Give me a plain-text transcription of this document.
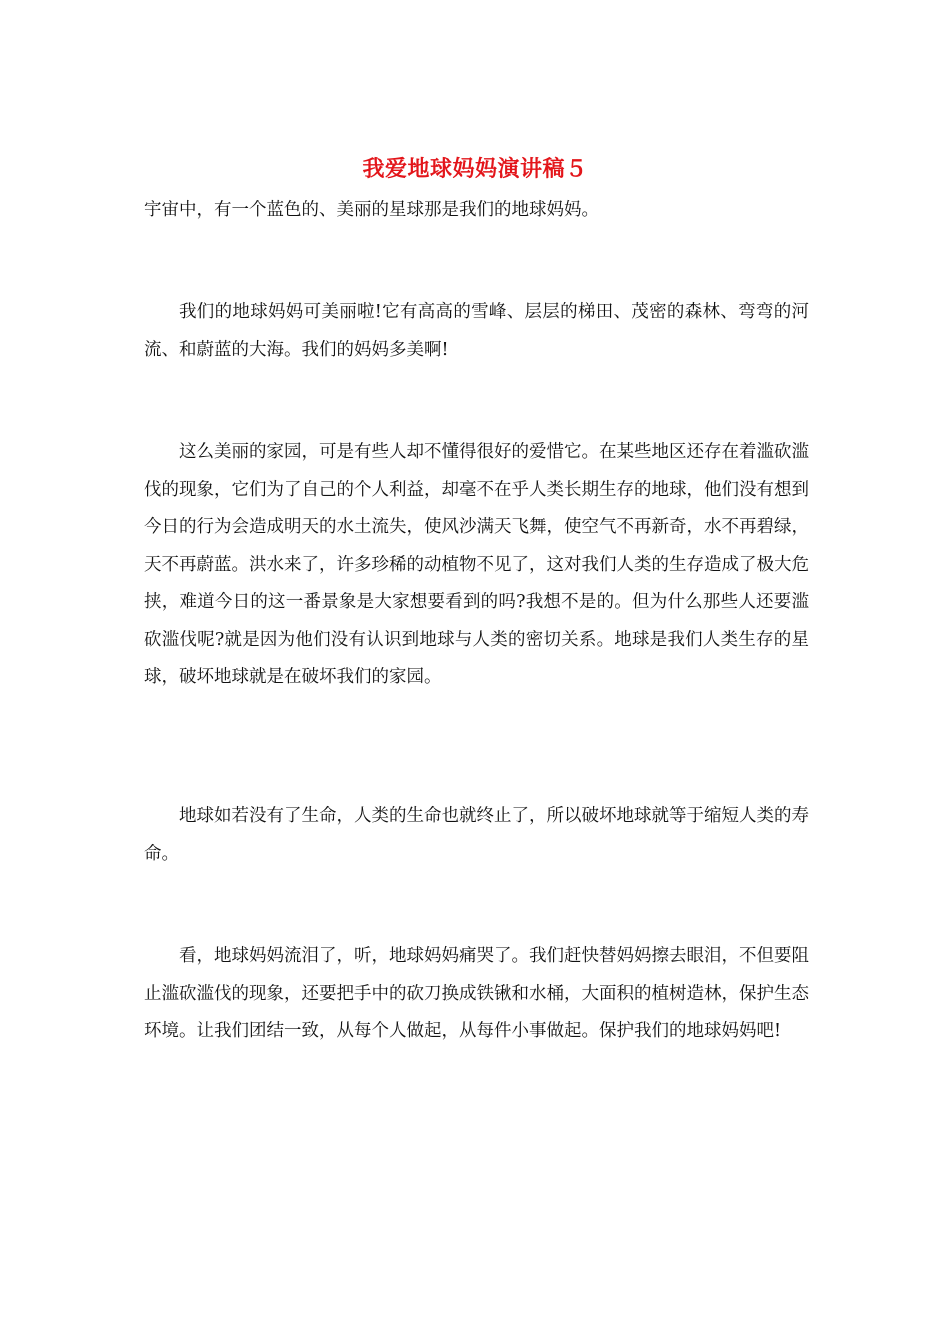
我爱地球妈妈演讲稿５
宇宙中，有一个蓝色的、美丽的星球那是我们的地球妈妈。
我们的地球妈妈可美丽啦!它有高高的雪峰、层层的梯田、茂密的森林、弯弯的河流、和蔚蓝的大海。我们的妈妈多美啊!
这么美丽的家园，可是有些人却不懂得很好的爱惜它。在某些地区还存在着滥砍滥伐的现象，它们为了自己的个人利益，却毫不在乎人类长期生存的地球，他们没有想到今日的行为会造成明天的水土流失，使风沙满天飞舞，使空气不再新奇，水不再碧绿，天不再蔚蓝。洪水来了，许多珍稀的动植物不见了，这对我们人类的生存造成了极大危挟，难道今日的这一番景象是大家想要看到的吗?我想不是的。但为什么那些人还要滥砍滥伐呢?就是因为他们没有认识到地球与人类的密切关系。地球是我们人类生存的星球，破坏地球就是在破坏我们的家园。
地球如若没有了生命，人类的生命也就终止了，所以破坏地球就等于缩短人类的寿命。
看，地球妈妈流泪了，听，地球妈妈痛哭了。我们赶快替妈妈擦去眼泪，不但要阻止滥砍滥伐的现象，还要把手中的砍刀换成铁锹和水桶，大面积的植树造林，保护生态环境。让我们团结一致，从每个人做起，从每件小事做起。保护我们的地球妈妈吧!
